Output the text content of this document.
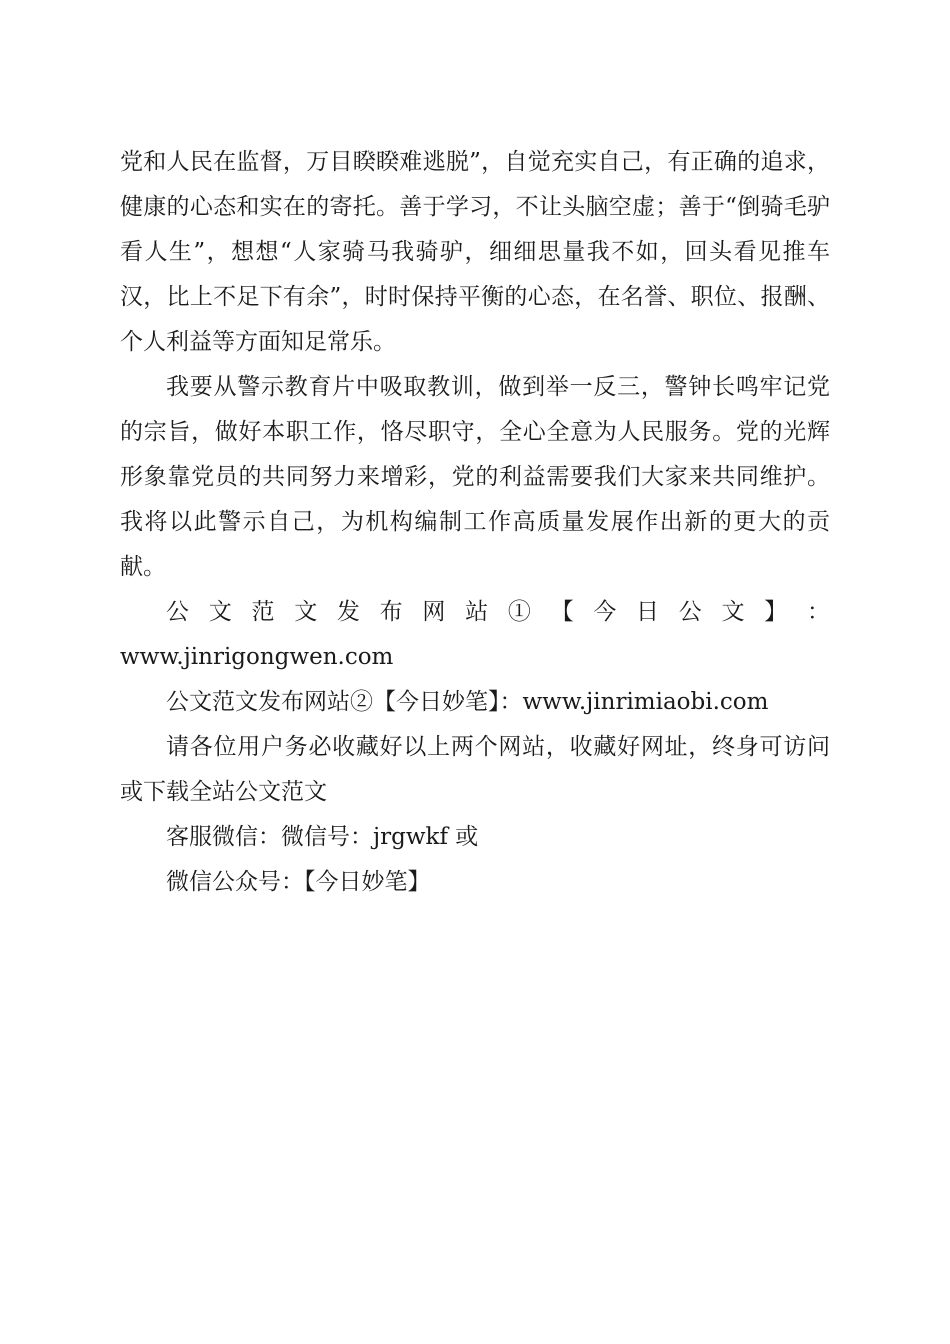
党和人民在监督，万目睽睽难逃脱”，自觉充实自己，有正确的追求，健康的心态和实在的寄托。善于学习，不让头脑空虚；善于“倒骑毛驴看人生”，想想“人家骑马我骑驴，细细思量我不如，回头看见推车汉，比上不足下有余”，时时保持平衡的心态，在名誉、职位、报酬、个人利益等方面知足常乐。

我要从警示教育片中吸取教训，做到举一反三，警钟长鸣牢记党的宗旨，做好本职工作，恪尽职守，全心全意为人民服务。党的光辉形象靠党员的共同努力来增彩，党的利益需要我们大家来共同维护。我将以此警示自己，为机构编制工作高质量发展作出新的更大的贡献。

公 文 范 文 发 布 网 站 ① 【 今 日 公 文 】 ：

www.jinrigongwen.com

公文范文发布网站②【今日妙笔】：www.jinrimiaobi.com

请各位用户务必收藏好以上两个网站，收藏好网址，终身可访问或下载全站公文范文

客服微信：微信号：jrgwkf 或

微信公众号：【今日妙笔】
